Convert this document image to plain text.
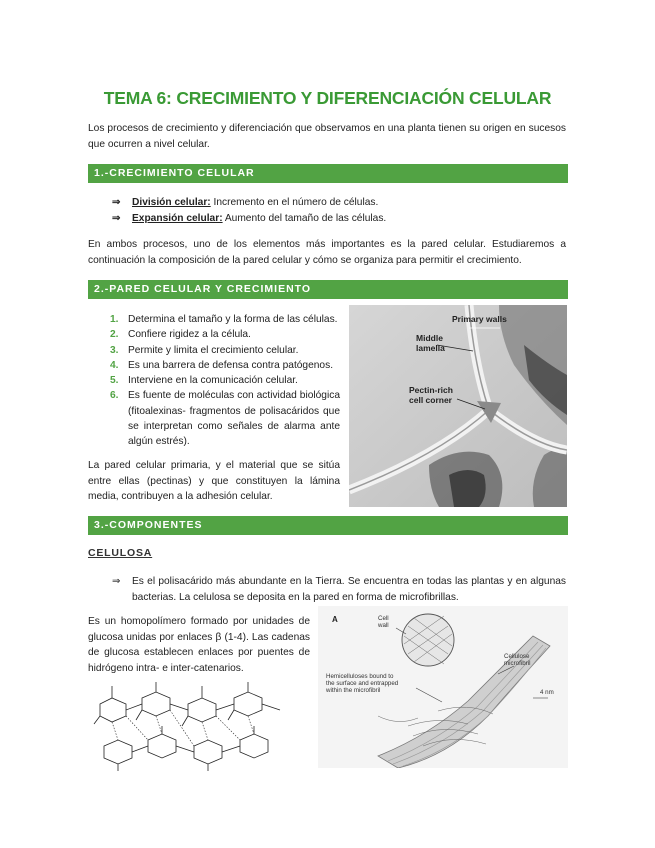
TEMA 6: CRECIMIENTO Y DIFERENCIACIÓN CELULAR
Los procesos de crecimiento y diferenciación que observamos en una planta tienen su origen en sucesos que ocurren a nivel celular.
1.-CRECIMIENTO CELULAR
⇒ División celular: Incremento en el número de células.
⇒ Expansión celular: Aumento del tamaño de las células.
En ambos procesos, uno de los elementos más importantes es la pared celular. Estudiaremos a continuación la composición de la pared celular y cómo se organiza para permitir el crecimiento.
2.-PARED CELULAR Y CRECIMIENTO
1. Determina el tamaño y la forma de las células.
2. Confiere rigidez a la célula.
3. Permite y limita el crecimiento celular.
4. Es una barrera de defensa contra patógenos.
5. Interviene en la comunicación celular.
6. Es fuente de moléculas con actividad biológica (fitoalexinas- fragmentos de polisacáridos que se interpretan como señales de alarma ante algún estrés).
La pared celular primaria, y el material que se sitúa entre ellas (pectinas) y que constituyen la lámina media, contribuyen a la adhesión celular.
Primary walls
Middle
lamella
Pectin-rich
cell corner
3.-COMPONENTES
CELULOSA
⇒ Es el polisacárido más abundante en la Tierra. Se encuentra en todas las plantas y en algunas bacterias. La celulosa se deposita en la pared en forma de microfibrillas.
Es un homopolímero formado por unidades de glucosa unidas por enlaces β (1-4). Las cadenas de glucosa establecen enlaces por puentes de hidrógeno intra- e inter-catenarios.
A	Cell
wall
Cellulose
microfibril
Hemicelluloses bound to
the surface and entrapped
within the microfibril	4 nm
